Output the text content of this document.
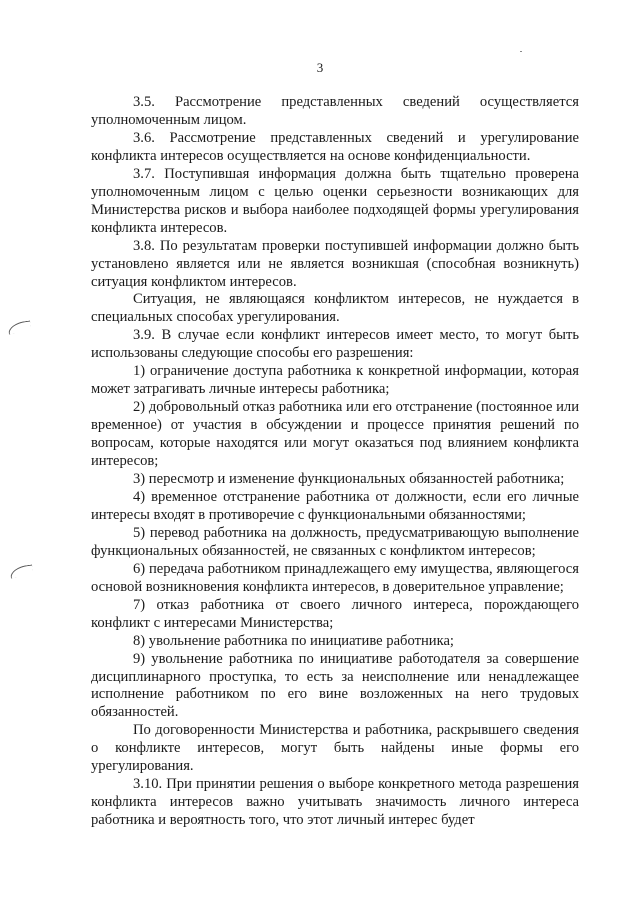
3

3.5. Рассмотрение представленных сведений осуществляется уполномоченным лицом.

3.6. Рассмотрение представленных сведений и урегулирование конфликта интересов осуществляется на основе конфиденциальности.

3.7. Поступившая информация должна быть тщательно проверена уполномоченным лицом с целью оценки серьезности возникающих для Министерства рисков и выбора наиболее подходящей формы урегулирования конфликта интересов.

3.8. По результатам проверки поступившей информации должно быть установлено является или не является возникшая (способная возникнуть) ситуация конфликтом интересов.

Ситуация, не являющаяся конфликтом интересов, не нуждается в специальных способах урегулирования.

3.9. В случае если конфликт интересов имеет место, то могут быть использованы следующие способы его разрешения:

1) ограничение доступа работника к конкретной информации, которая может затрагивать личные интересы работника;

2) добровольный отказ работника или его отстранение (постоянное или временное) от участия в обсуждении и процессе принятия решений по вопросам, которые находятся или могут оказаться под влиянием конфликта интересов;

3) пересмотр и изменение функциональных обязанностей работника;

4) временное отстранение работника от должности, если его личные интересы входят в противоречие с функциональными обязанностями;

5) перевод работника на должность, предусматривающую выполнение функциональных обязанностей, не связанных с конфликтом интересов;

6) передача работником принадлежащего ему имущества, являющегося основой возникновения конфликта интересов, в доверительное управление;

7) отказ работника от своего личного интереса, порождающего конфликт с интересами Министерства;

8) увольнение работника по инициативе работника;

9) увольнение работника по инициативе работодателя за совершение дисциплинарного проступка, то есть за неисполнение или ненадлежащее исполнение работником по его вине возложенных на него трудовых обязанностей.

По договоренности Министерства и работника, раскрывшего сведения о конфликте интересов, могут быть найдены иные формы его урегулирования.

3.10. При принятии решения о выборе конкретного метода разрешения конфликта интересов важно учитывать значимость личного интереса работника и вероятность того, что этот личный интерес будет
